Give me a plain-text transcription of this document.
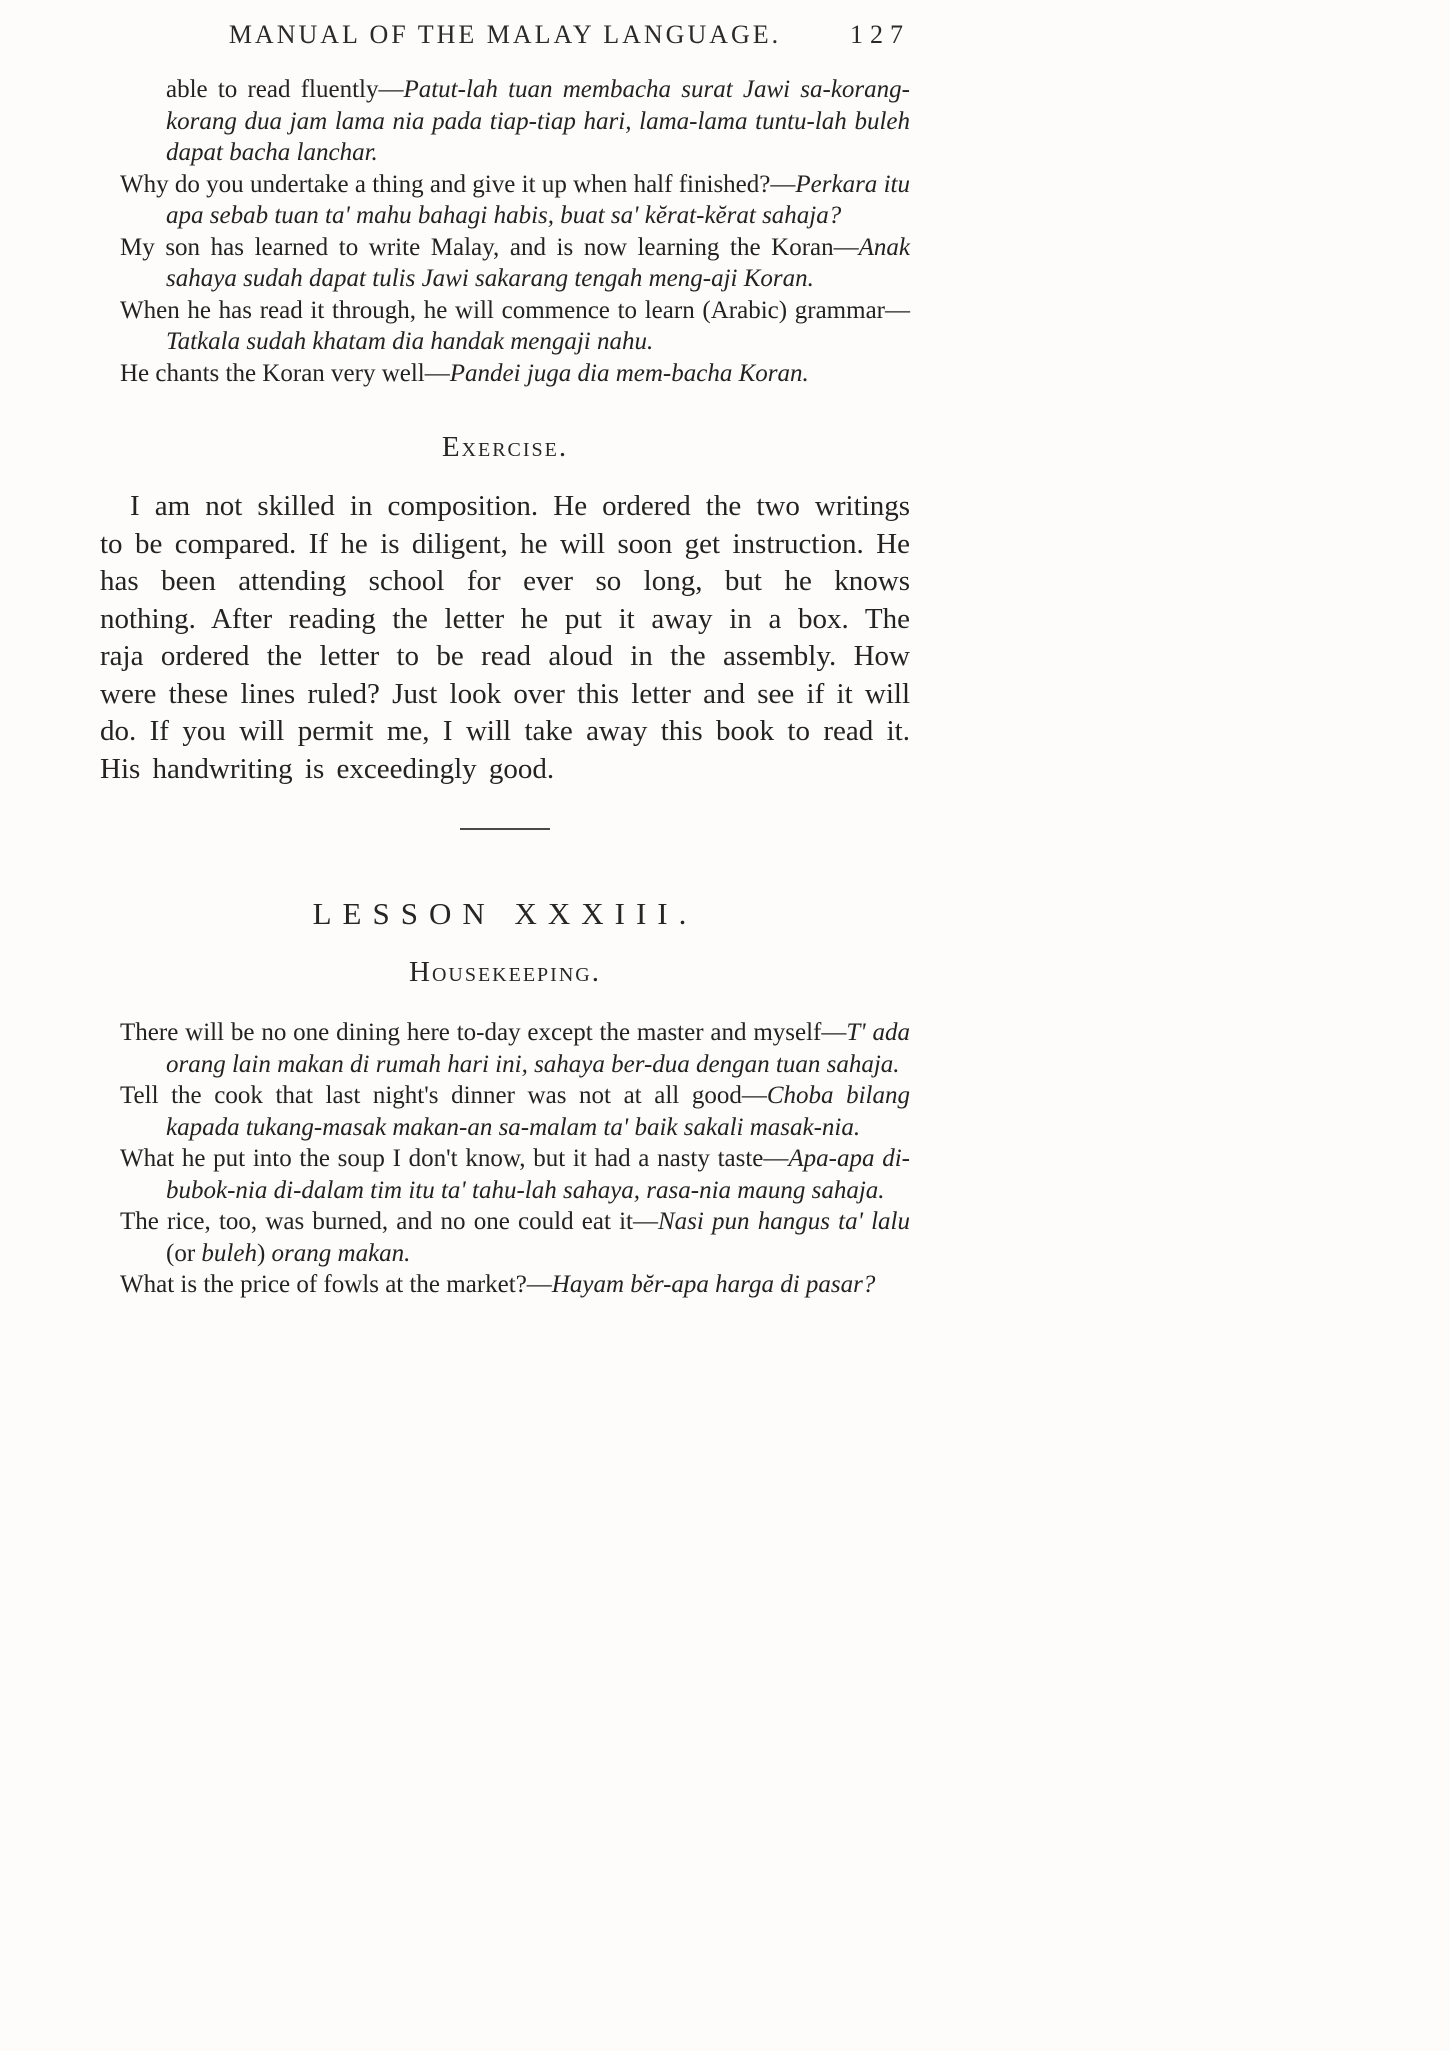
MANUAL OF THE MALAY LANGUAGE.	127

able to read fluently—Patut-lah tuan membacha surat Jawi sa-korang-korang dua jam lama nia pada tiap-tiap hari, lama-lama tuntu-lah buleh dapat bacha lanchar.

Why do you undertake a thing and give it up when half finished?—Perkara itu apa sebab tuan ta' mahu bahagi habis, buat sa' kĕrat-kĕrat sahaja?

My son has learned to write Malay, and is now learning the Koran—Anak sahaya sudah dapat tulis Jawi sakarang tengah meng-aji Koran.

When he has read it through, he will commence to learn (Arabic) grammar—Tatkala sudah khatam dia handak mengaji nahu.

He chants the Koran very well—Pandei juga dia mem-bacha Koran.

Exercise.

I am not skilled in composition. He ordered the two writings to be compared. If he is diligent, he will soon get instruction. He has been attending school for ever so long, but he knows nothing. After reading the letter he put it away in a box. The raja ordered the letter to be read aloud in the assembly. How were these lines ruled? Just look over this letter and see if it will do. If you will permit me, I will take away this book to read it. His handwriting is exceedingly good.

LESSON XXXIII.
Housekeeping.

There will be no one dining here to-day except the master and myself—T' ada orang lain makan di rumah hari ini, sahaya ber-dua dengan tuan sahaja.

Tell the cook that last night's dinner was not at all good—Choba bilang kapada tukang-masak makan-an sa-malam ta' baik sakali masak-nia.

What he put into the soup I don't know, but it had a nasty taste—Apa-apa di-bubok-nia di-dalam tim itu ta' tahu-lah sahaya, rasa-nia maung sahaja.

The rice, too, was burned, and no one could eat it—Nasi pun hangus ta' lalu (or buleh) orang makan.

What is the price of fowls at the market?—Hayam bĕr-apa harga di pasar?
